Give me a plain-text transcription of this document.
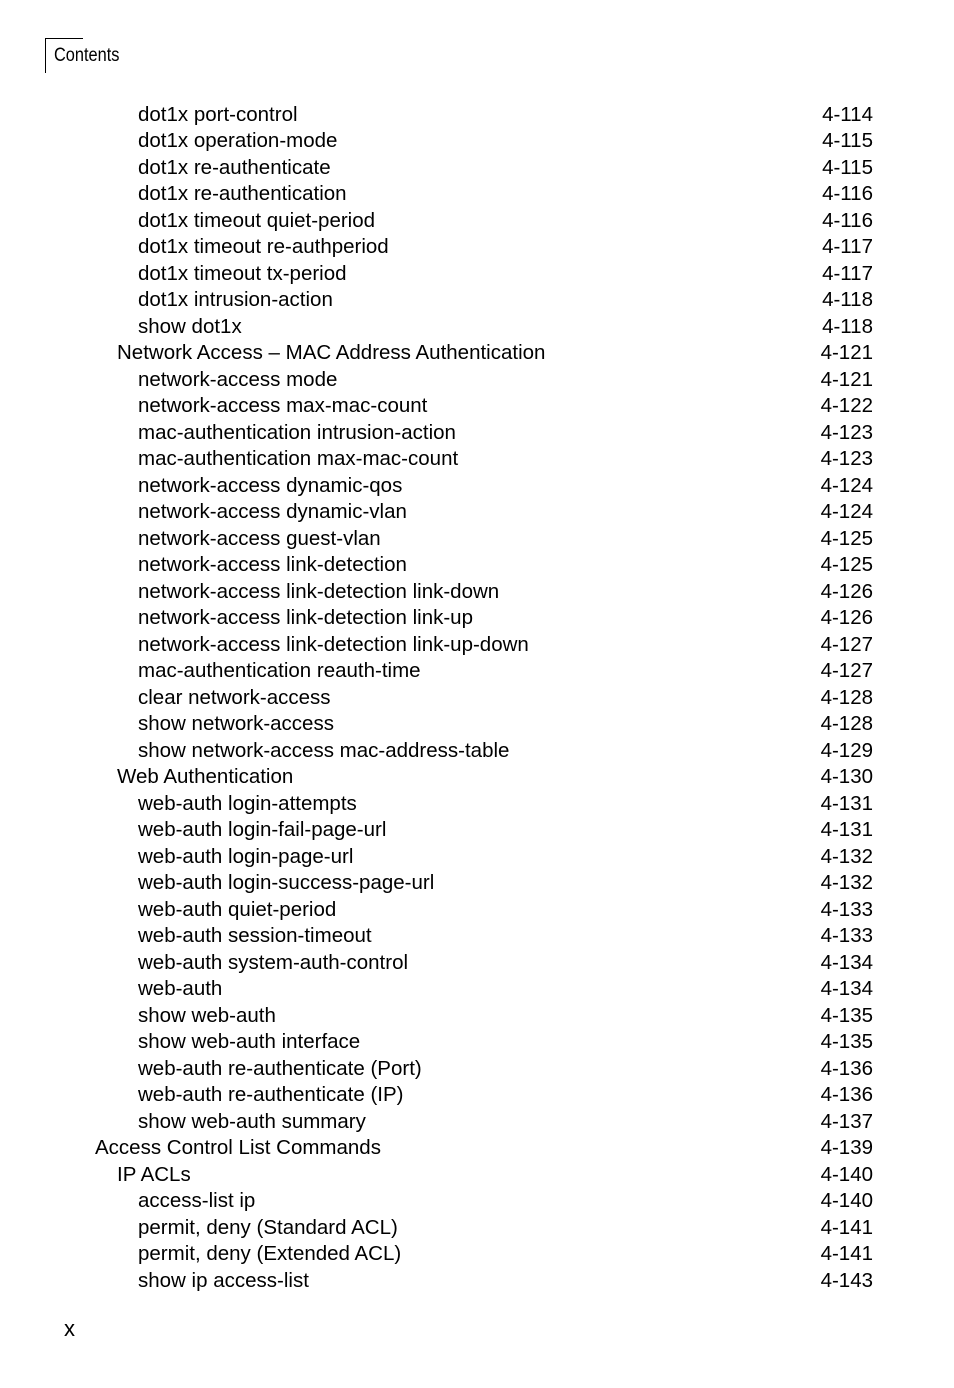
Contents
dot1x port-control	4-114
dot1x operation-mode	4-115
dot1x re-authenticate	4-115
dot1x re-authentication	4-116
dot1x timeout quiet-period	4-116
dot1x timeout re-authperiod	4-117
dot1x timeout tx-period	4-117
dot1x intrusion-action	4-118
show dot1x	4-118
Network Access – MAC Address Authentication	4-121
network-access mode	4-121
network-access max-mac-count	4-122
mac-authentication intrusion-action	4-123
mac-authentication max-mac-count	4-123
network-access dynamic-qos	4-124
network-access dynamic-vlan	4-124
network-access guest-vlan	4-125
network-access link-detection	4-125
network-access link-detection link-down	4-126
network-access link-detection link-up	4-126
network-access link-detection link-up-down	4-127
mac-authentication reauth-time	4-127
clear network-access	4-128
show network-access	4-128
show network-access mac-address-table	4-129
Web Authentication	4-130
web-auth login-attempts	4-131
web-auth login-fail-page-url	4-131
web-auth login-page-url	4-132
web-auth login-success-page-url	4-132
web-auth quiet-period	4-133
web-auth session-timeout	4-133
web-auth system-auth-control	4-134
web-auth	4-134
show web-auth	4-135
show web-auth interface	4-135
web-auth re-authenticate (Port)	4-136
web-auth re-authenticate (IP)	4-136
show web-auth summary	4-137
Access Control List Commands	4-139
IP ACLs	4-140
access-list ip	4-140
permit, deny (Standard ACL)	4-141
permit, deny (Extended ACL)	4-141
show ip access-list	4-143
x
